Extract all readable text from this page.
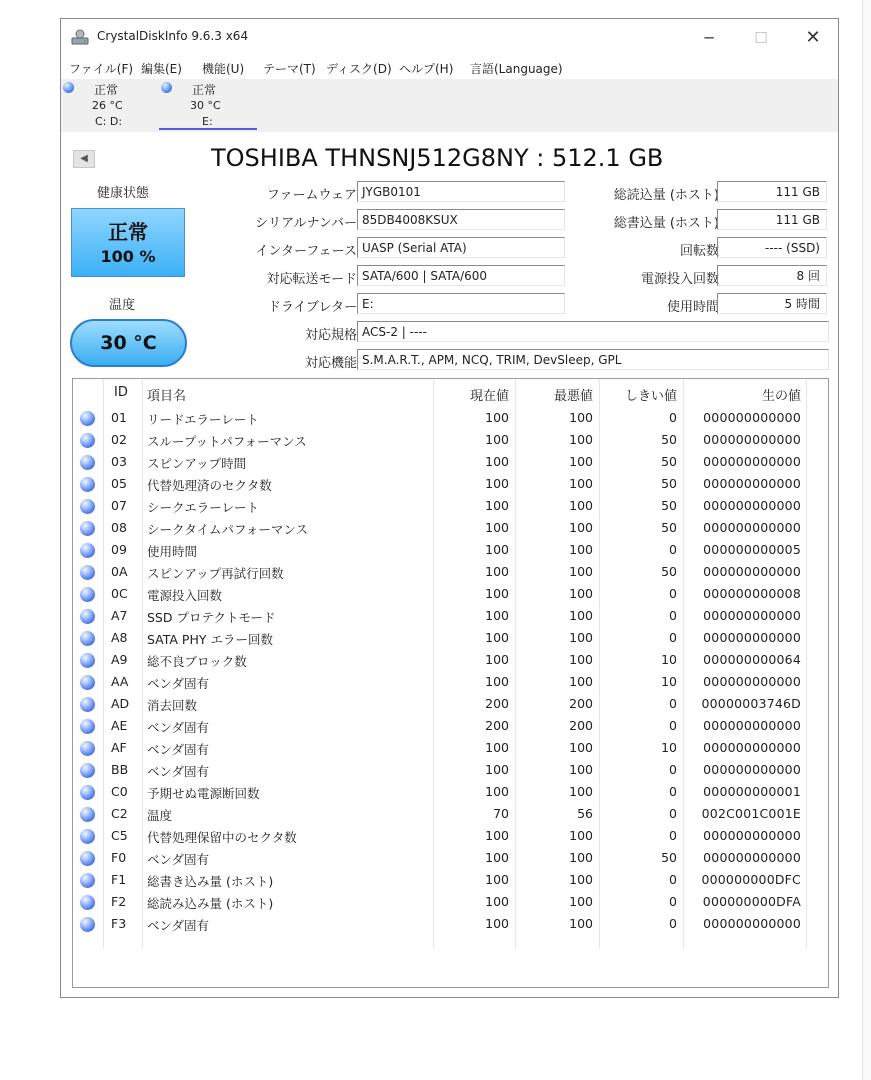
CrystalDiskInfo 9.6.3 x64	─	☐	✕
ファイル(F) 編集(E) 機能(U) テーマ(T) ディスク(D) ヘルプ(H) 言語(Language)
正常
26 °C
C: D:
正常
30 °C
E:
◀	TOSHIBA THNSNJ512G8NY : 512.1 GB
健康状態
正常
100 %
温度
30 °C
ファームウェア JYGB0101
シリアルナンバー 85DB4008KSUX
インターフェース UASP (Serial ATA)
対応転送モード SATA/600 | SATA/600
ドライブレター E:
総読込量 (ホスト)	111 GB
総書込量 (ホスト)	111 GB
回転数	---- (SSD)
電源投入回数	8 回
使用時間	5 時間
対応規格 ACS-2 | ----
対応機能 S.M.A.R.T., APM, NCQ, TRIM, DevSleep, GPL
ID 項目名	現在値	最悪値	しきい値	生の値
01 リードエラーレート	100	100	0	000000000000
02 スループットパフォーマンス	100	100	50	000000000000
03 スピンアップ時間	100	100	50	000000000000
05 代替処理済のセクタ数	100	100	50	000000000000
07 シークエラーレート	100	100	50	000000000000
08 シークタイムパフォーマンス	100	100	50	000000000000
09 使用時間	100	100	0	000000000005
0A スピンアップ再試行回数	100	100	50	000000000000
0C 電源投入回数	100	100	0	000000000008
A7 SSD プロテクトモード	100	100	0	000000000000
A8 SATA PHY エラー回数	100	100	0	000000000000
A9 総不良ブロック数	100	100	10	000000000064
AA ベンダ固有	100	100	10	000000000000
AD 消去回数	200	200	0	00000003746D
AE ベンダ固有	200	200	0	000000000000
AF ベンダ固有	100	100	10	000000000000
BB ベンダ固有	100	100	0	000000000000
C0 予期せぬ電源断回数	100	100	0	000000000001
C2 温度	70	56	0	002C001C001E
C5 代替処理保留中のセクタ数	100	100	0	000000000000
F0 ベンダ固有	100	100	50	000000000000
F1 総書き込み量 (ホスト)	100	100	0	000000000DFC
F2 総読み込み量 (ホスト)	100	100	0	000000000DFA
F3 ベンダ固有	100	100	0	000000000000
